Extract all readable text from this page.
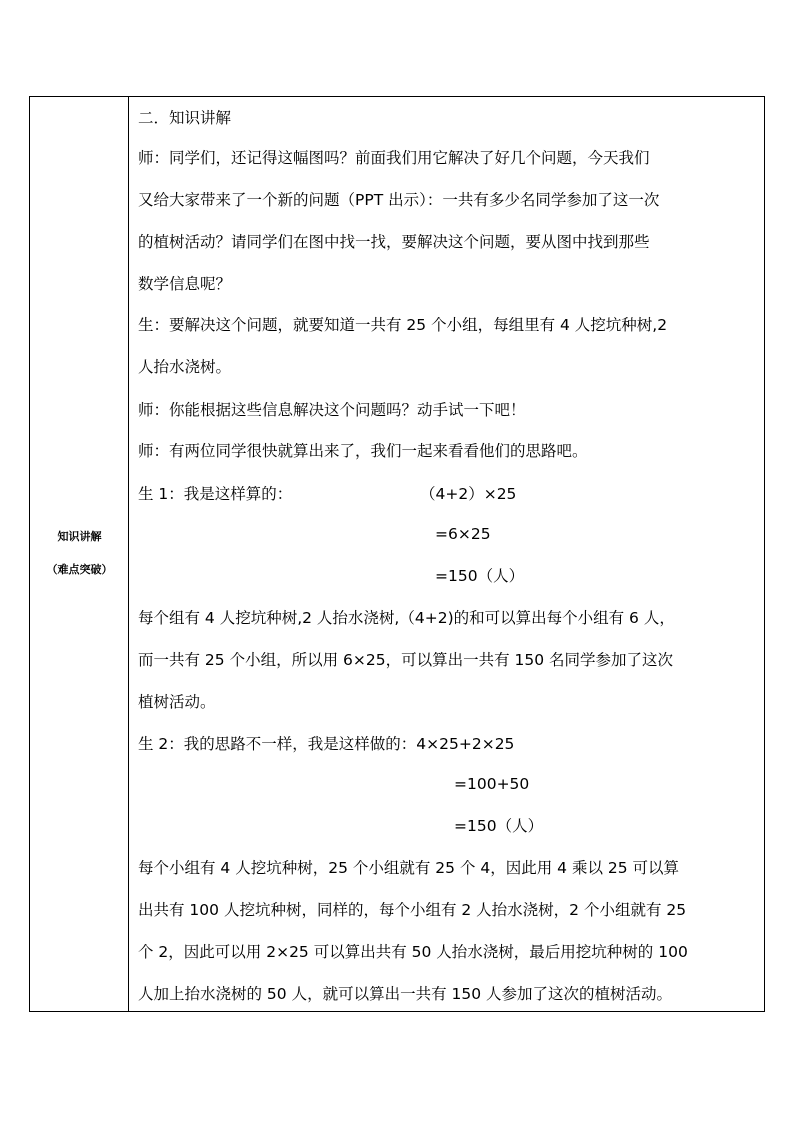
知识讲解
（难点突破）
二．知识讲解
师：同学们，还记得这幅图吗？前面我们用它解决了好几个问题，今天我们
又给大家带来了一个新的问题（PPT 出示）：一共有多少名同学参加了这一次
的植树活动？请同学们在图中找一找，要解决这个问题，要从图中找到那些
数学信息呢？
生：要解决这个问题，就要知道一共有 25 个小组，每组里有 4 人挖坑种树,2
人抬水浇树。
师：你能根据这些信息解决这个问题吗？动手试一下吧！
师：有两位同学很快就算出来了，我们一起来看看他们的思路吧。
生 1：我是这样算的：	（4+2）×25
=6×25
=150（人）
每个组有 4 人挖坑种树,2 人抬水浇树,（4+2)的和可以算出每个小组有 6 人，
而一共有 25 个小组，所以用 6×25，可以算出一共有 150 名同学参加了这次
植树活动。
生 2：我的思路不一样，我是这样做的：4×25+2×25
=100+50
=150（人）
每个小组有 4 人挖坑种树，25 个小组就有 25 个 4，因此用 4 乘以 25 可以算
出共有 100 人挖坑种树，同样的，每个小组有 2 人抬水浇树，2 个小组就有 25
个 2，因此可以用 2×25 可以算出共有 50 人抬水浇树，最后用挖坑种树的 100
人加上抬水浇树的 50 人，就可以算出一共有 150 人参加了这次的植树活动。
